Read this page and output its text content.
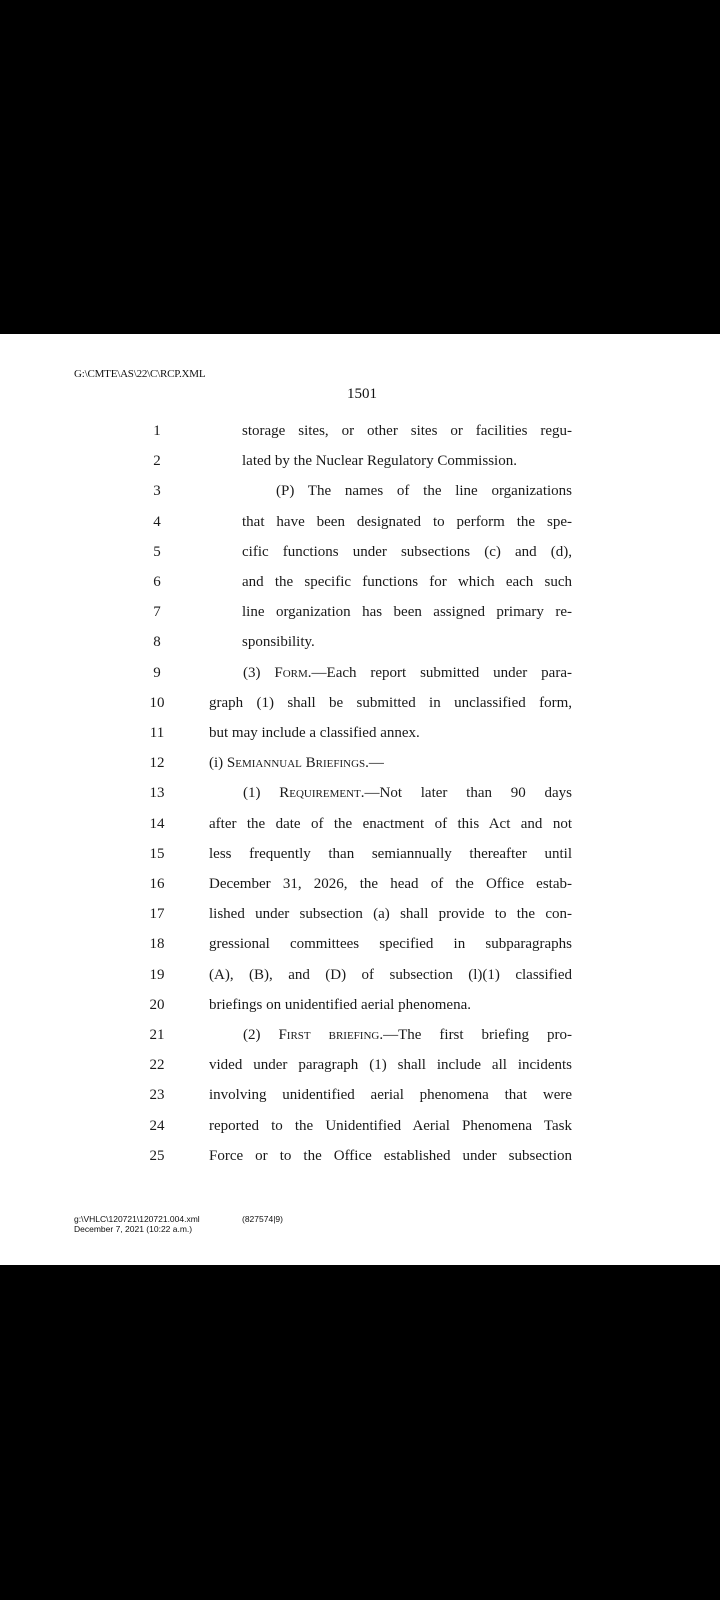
G:\CMTE\AS\22\C\RCP.XML
1501
1	storage sites, or other sites or facilities regu-
2	lated by the Nuclear Regulatory Commission.
3	(P) The names of the line organizations
4	that have been designated to perform the spe-
5	cific functions under subsections (c) and (d),
6	and the specific functions for which each such
7	line organization has been assigned primary re-
8	sponsibility.
9	(3) Form.—Each report submitted under para-
10	graph (1) shall be submitted in unclassified form,
11	but may include a classified annex.
12	(i) Semiannual Briefings.—
13	(1) Requirement.—Not later than 90 days
14	after the date of the enactment of this Act and not
15	less frequently than semiannually thereafter until
16	December 31, 2026, the head of the Office estab-
17	lished under subsection (a) shall provide to the con-
18	gressional committees specified in subparagraphs
19	(A), (B), and (D) of subsection (l)(1) classified
20	briefings on unidentified aerial phenomena.
21	(2) First briefing.—The first briefing pro-
22	vided under paragraph (1) shall include all incidents
23	involving unidentified aerial phenomena that were
24	reported to the Unidentified Aerial Phenomena Task
25	Force or to the Office established under subsection
g:\VHLC\120721\120721.004.xml	(827574|9)
December 7, 2021 (10:22 a.m.)
